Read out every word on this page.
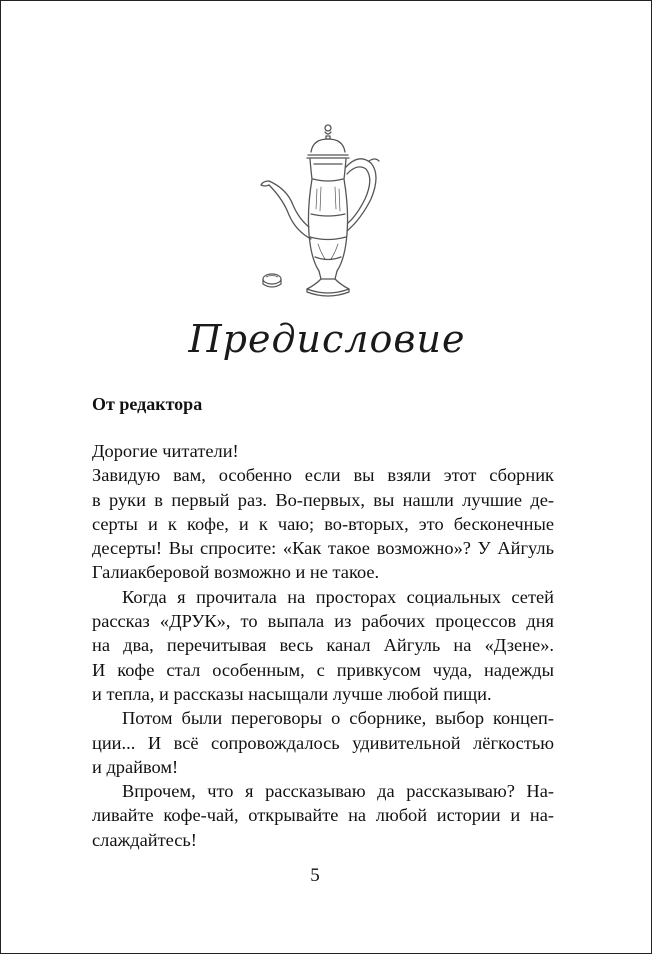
Предисловие
От редактора
Дорогие читатели!
Завидую вам, особенно если вы взяли этот сборник
в руки в первый раз. Во-первых, вы нашли лучшие де-
серты и к кофе, и к чаю; во-вторых, это бесконечные
десерты! Вы спросите: «Как такое возможно»? У Айгуль
Галиакберовой возможно и не такое.
Когда я прочитала на просторах социальных сетей
рассказ «ДРУК», то выпала из рабочих процессов дня
на два, перечитывая весь канал Айгуль на «Дзене».
И кофе стал особенным, с привкусом чуда, надежды
и тепла, и рассказы насыщали лучше любой пищи.
Потом были переговоры о сборнике, выбор концеп-
ции... И всё сопровождалось удивительной лёгкостью
и драйвом!
Впрочем, что я рассказываю да рассказываю? На-
ливайте кофе-чай, открывайте на любой истории и на-
слаждайтесь!
5
